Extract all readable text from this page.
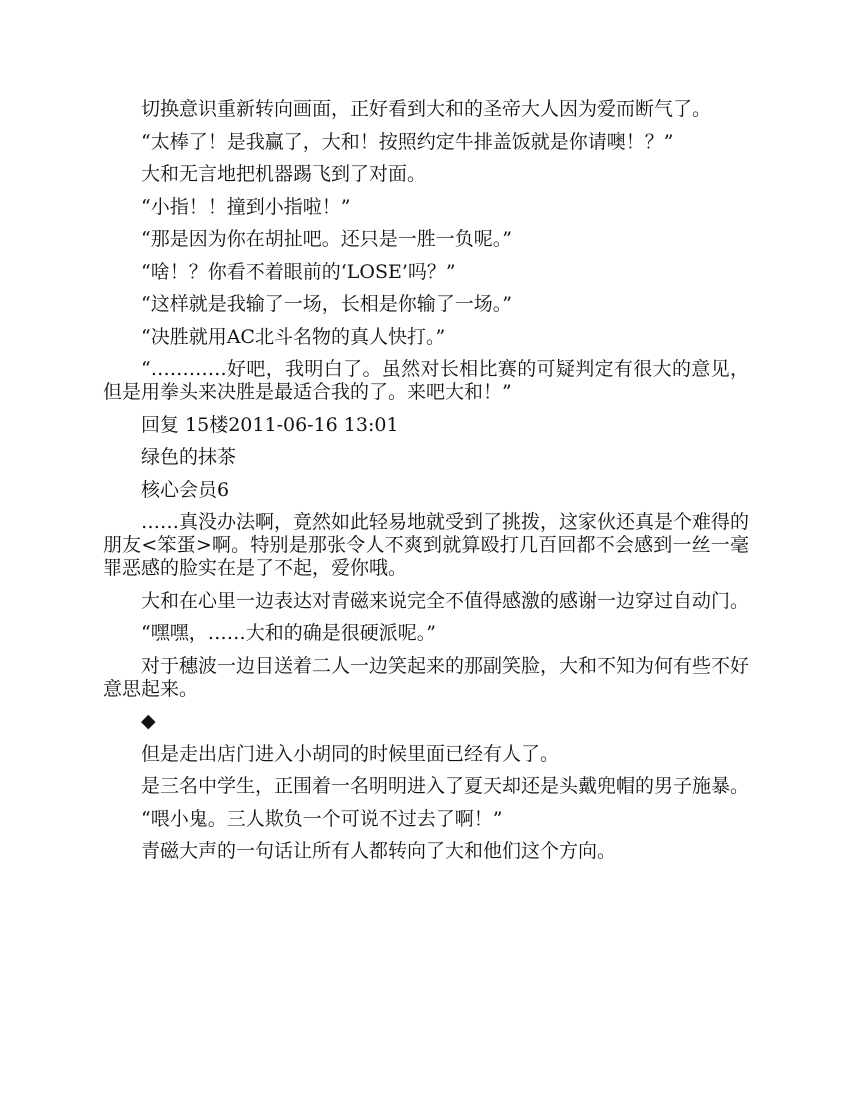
切换意识重新转向画面，正好看到大和的圣帝大人因为爱而断气了。

“太棒了！是我赢了，大和！按照约定牛排盖饭就是你请噢！？”

大和无言地把机器踢飞到了对面。

“小指！！撞到小指啦！”

“那是因为你在胡扯吧。还只是一胜一负呢。”

“啥！？你看不着眼前的‘LOSE’吗？”

“这样就是我输了一场，长相是你输了一场。”

“决胜就用AC北斗名物的真人快打。”

“…………好吧，我明白了。虽然对长相比赛的可疑判定有很大的意见，但是用拳头来决胜是最适合我的了。来吧大和！”

回复 15楼2011-06-16 13:01

绿色的抹茶

核心会员6

……真没办法啊，竟然如此轻易地就受到了挑拨，这家伙还真是个难得的朋友<笨蛋>啊。特别是那张令人不爽到就算殴打几百回都不会感到一丝一毫罪恶感的脸实在是了不起，爱你哦。

大和在心里一边表达对青磁来说完全不值得感激的感谢一边穿过自动门。

“嘿嘿，……大和的确是很硬派呢。”

对于穗波一边目送着二人一边笑起来的那副笑脸，大和不知为何有些不好意思起来。

◆

但是走出店门进入小胡同的时候里面已经有人了。

是三名中学生，正围着一名明明进入了夏天却还是头戴兜帽的男子施暴。

“喂小鬼。三人欺负一个可说不过去了啊！”

青磁大声的一句话让所有人都转向了大和他们这个方向。
